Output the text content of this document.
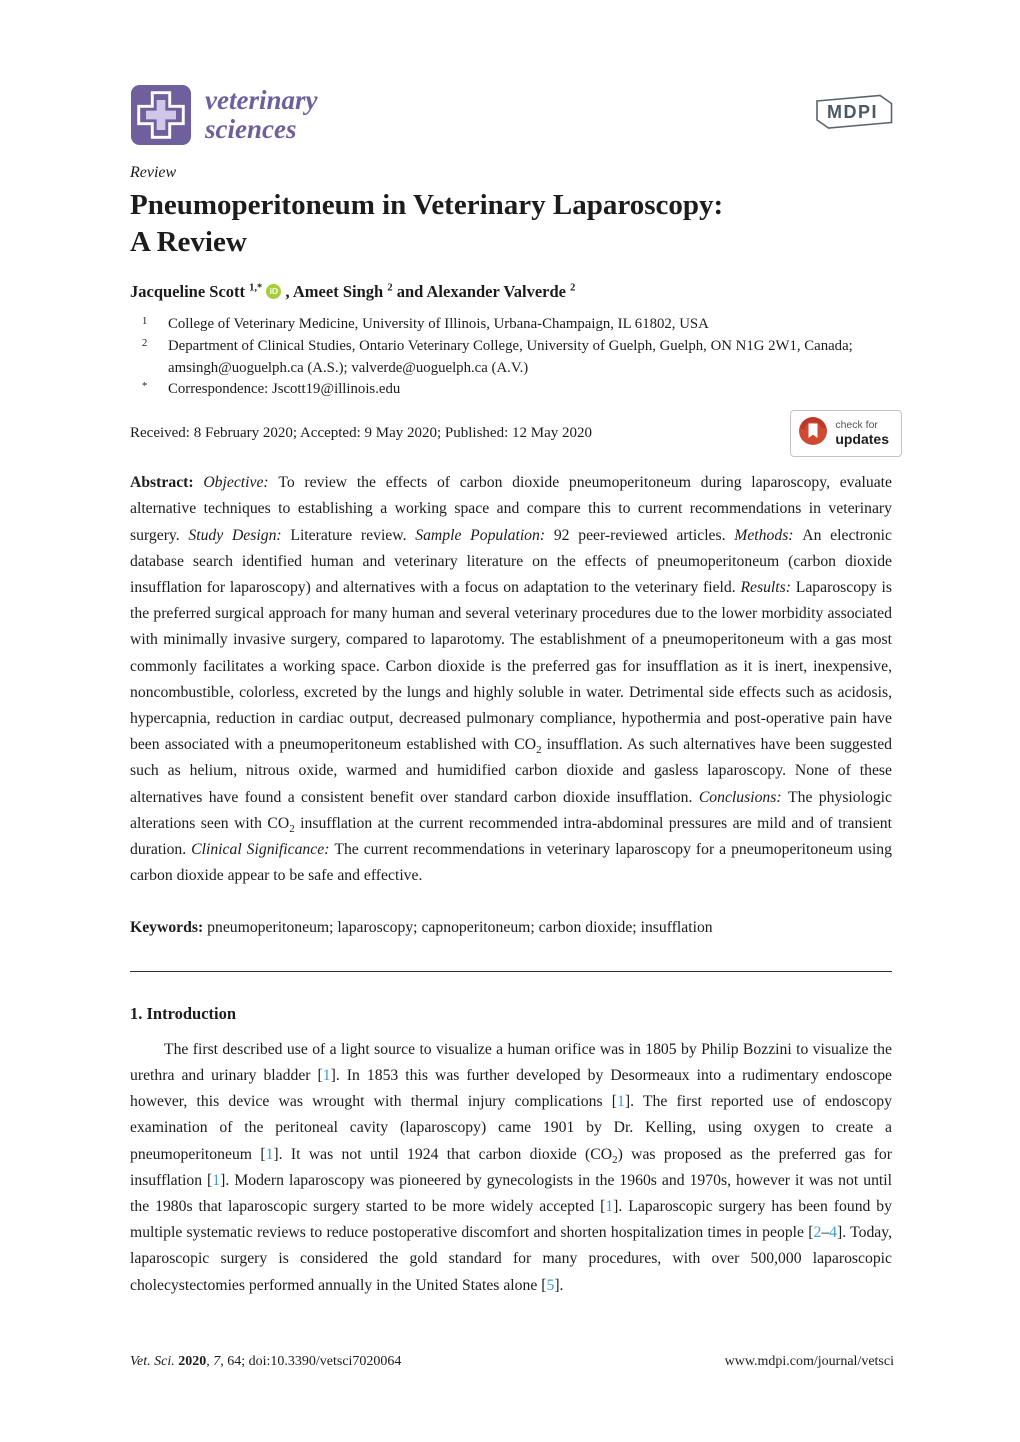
veterinary
sciences
MDPI
check for
updates
Review
Pneumoperitoneum in Veterinary Laparoscopy:
A Review
Jacqueline Scott $^{1,*}$ iD , Ameet Singh $^2$ and Alexander Valverde $^2$
1	College of Veterinary Medicine, University of Illinois, Urbana-Champaign, IL 61802, USA
2	Department of Clinical Studies, Ontario Veterinary College, University of Guelph, Guelph, ON N1G 2W1, Canada; amsingh@uoguelph.ca (A.S.); valverde@uoguelph.ca (A.V.)
*	Correspondence: Jscott19@illinois.edu
Received: 8 February 2020; Accepted: 9 May 2020; Published: 12 May 2020

Abstract: Objective: To review the effects of carbon dioxide pneumoperitoneum during laparoscopy, evaluate alternative techniques to establishing a working space and compare this to current recommendations in veterinary surgery. Study Design: Literature review. Sample Population: 92 peer-reviewed articles. Methods: An electronic database search identified human and veterinary literature on the effects of pneumoperitoneum (carbon dioxide insufflation for laparoscopy) and alternatives with a focus on adaptation to the veterinary field. Results: Laparoscopy is the preferred surgical approach for many human and several veterinary procedures due to the lower morbidity associated with minimally invasive surgery, compared to laparotomy. The establishment of a pneumoperitoneum with a gas most commonly facilitates a working space. Carbon dioxide is the preferred gas for insufflation as it is inert, inexpensive, noncombustible, colorless, excreted by the lungs and highly soluble in water. Detrimental side effects such as acidosis, hypercapnia, reduction in cardiac output, decreased pulmonary compliance, hypothermia and post-operative pain have been associated with a pneumoperitoneum established with $CO_2$ insufflation. As such alternatives have been suggested such as helium, nitrous oxide, warmed and humidified carbon dioxide and gasless laparoscopy. None of these alternatives have found a consistent benefit over standard carbon dioxide insufflation. Conclusions: The physiologic alterations seen with $CO_2$ insufflation at the current recommended intra-abdominal pressures are mild and of transient duration. Clinical Significance: The current recommendations in veterinary laparoscopy for a pneumoperitoneum using carbon dioxide appear to be safe and effective.

Keywords: pneumoperitoneum; laparoscopy; capnoperitoneum; carbon dioxide; insufflation

1. Introduction

The first described use of a light source to visualize a human orifice was in 1805 by Philip Bozzini to visualize the urethra and urinary bladder [1]. In 1853 this was further developed by Desormeaux into a rudimentary endoscope however, this device was wrought with thermal injury complications [1]. The first reported use of endoscopy examination of the peritoneal cavity (laparoscopy) came 1901 by Dr. Kelling, using oxygen to create a pneumoperitoneum [1]. It was not until 1924 that carbon dioxide $(CO_2)$ was proposed as the preferred gas for insufflation [1]. Modern laparoscopy was pioneered by gynecologists in the 1960s and 1970s, however it was not until the 1980s that laparoscopic surgery started to be more widely accepted [1]. Laparoscopic surgery has been found by multiple systematic reviews to reduce postoperative discomfort and shorten hospitalization times in people [2–4]. Today, laparoscopic surgery is considered the gold standard for many procedures, with over 500,000 laparoscopic cholecystectomies performed annually in the United States alone [5].

Vet. Sci. 2020, 7, 64; doi:10.3390/vetsci7020064	www.mdpi.com/journal/vetsci
